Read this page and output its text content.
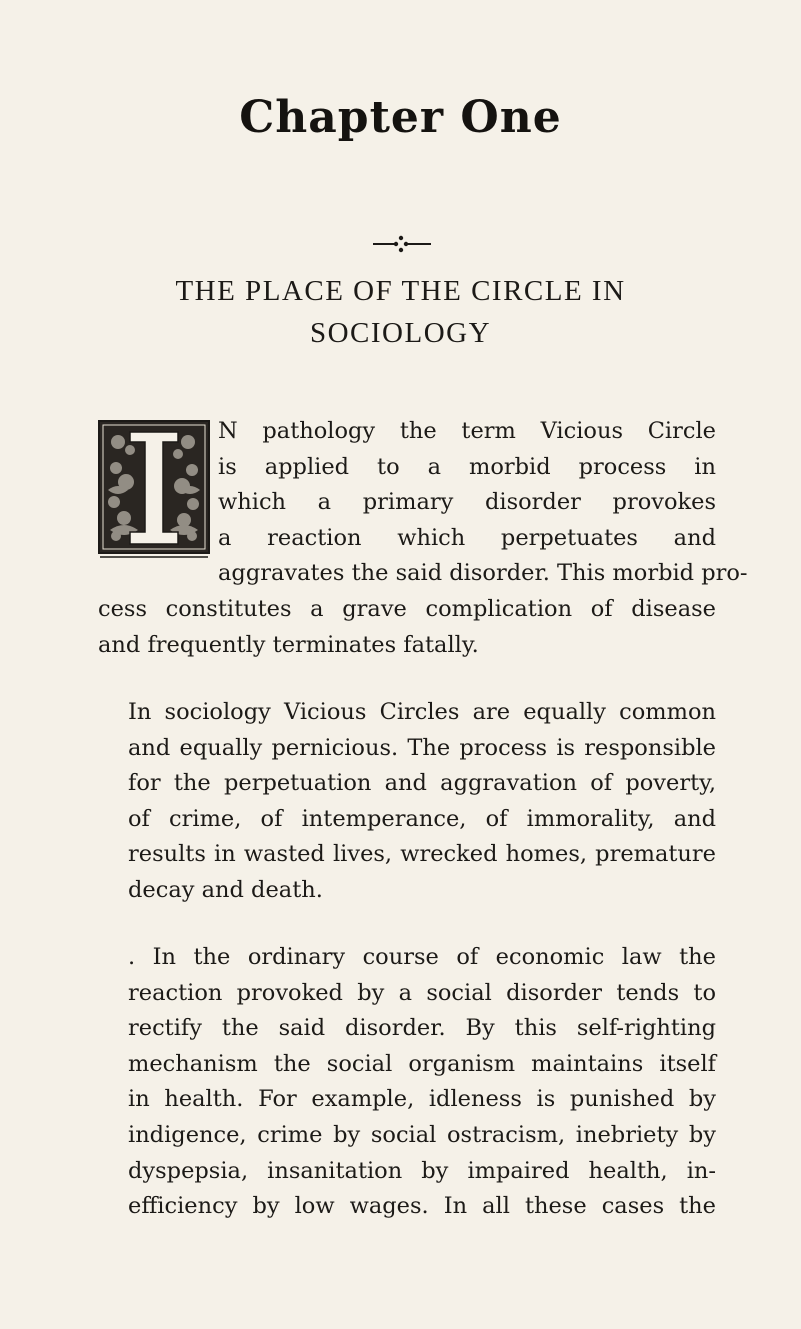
Chapter One
THE PLACE OF THE CIRCLE IN
SOCIOLOGY
N pathology the term Vicious Circle
is applied to a morbid process in
which a primary disorder provokes
a reaction which perpetuates and
aggravates the said disorder. This morbid pro-
cess constitutes a grave complication of disease
and frequently terminates fatally.
In sociology Vicious Circles are equally common
and equally pernicious. The process is responsible
for the perpetuation and aggravation of poverty,
of crime, of intemperance, of immorality, and
results in wasted lives, wrecked homes, premature
decay and death.
. In the ordinary course of economic law the
reaction provoked by a social disorder tends to
rectify the said disorder. By this self-righting
mechanism the social organism maintains itself
in health. For example, idleness is punished by
indigence, crime by social ostracism, inebriety by
dyspepsia, insanitation by impaired health, in-
efficiency by low wages. In all these cases the
